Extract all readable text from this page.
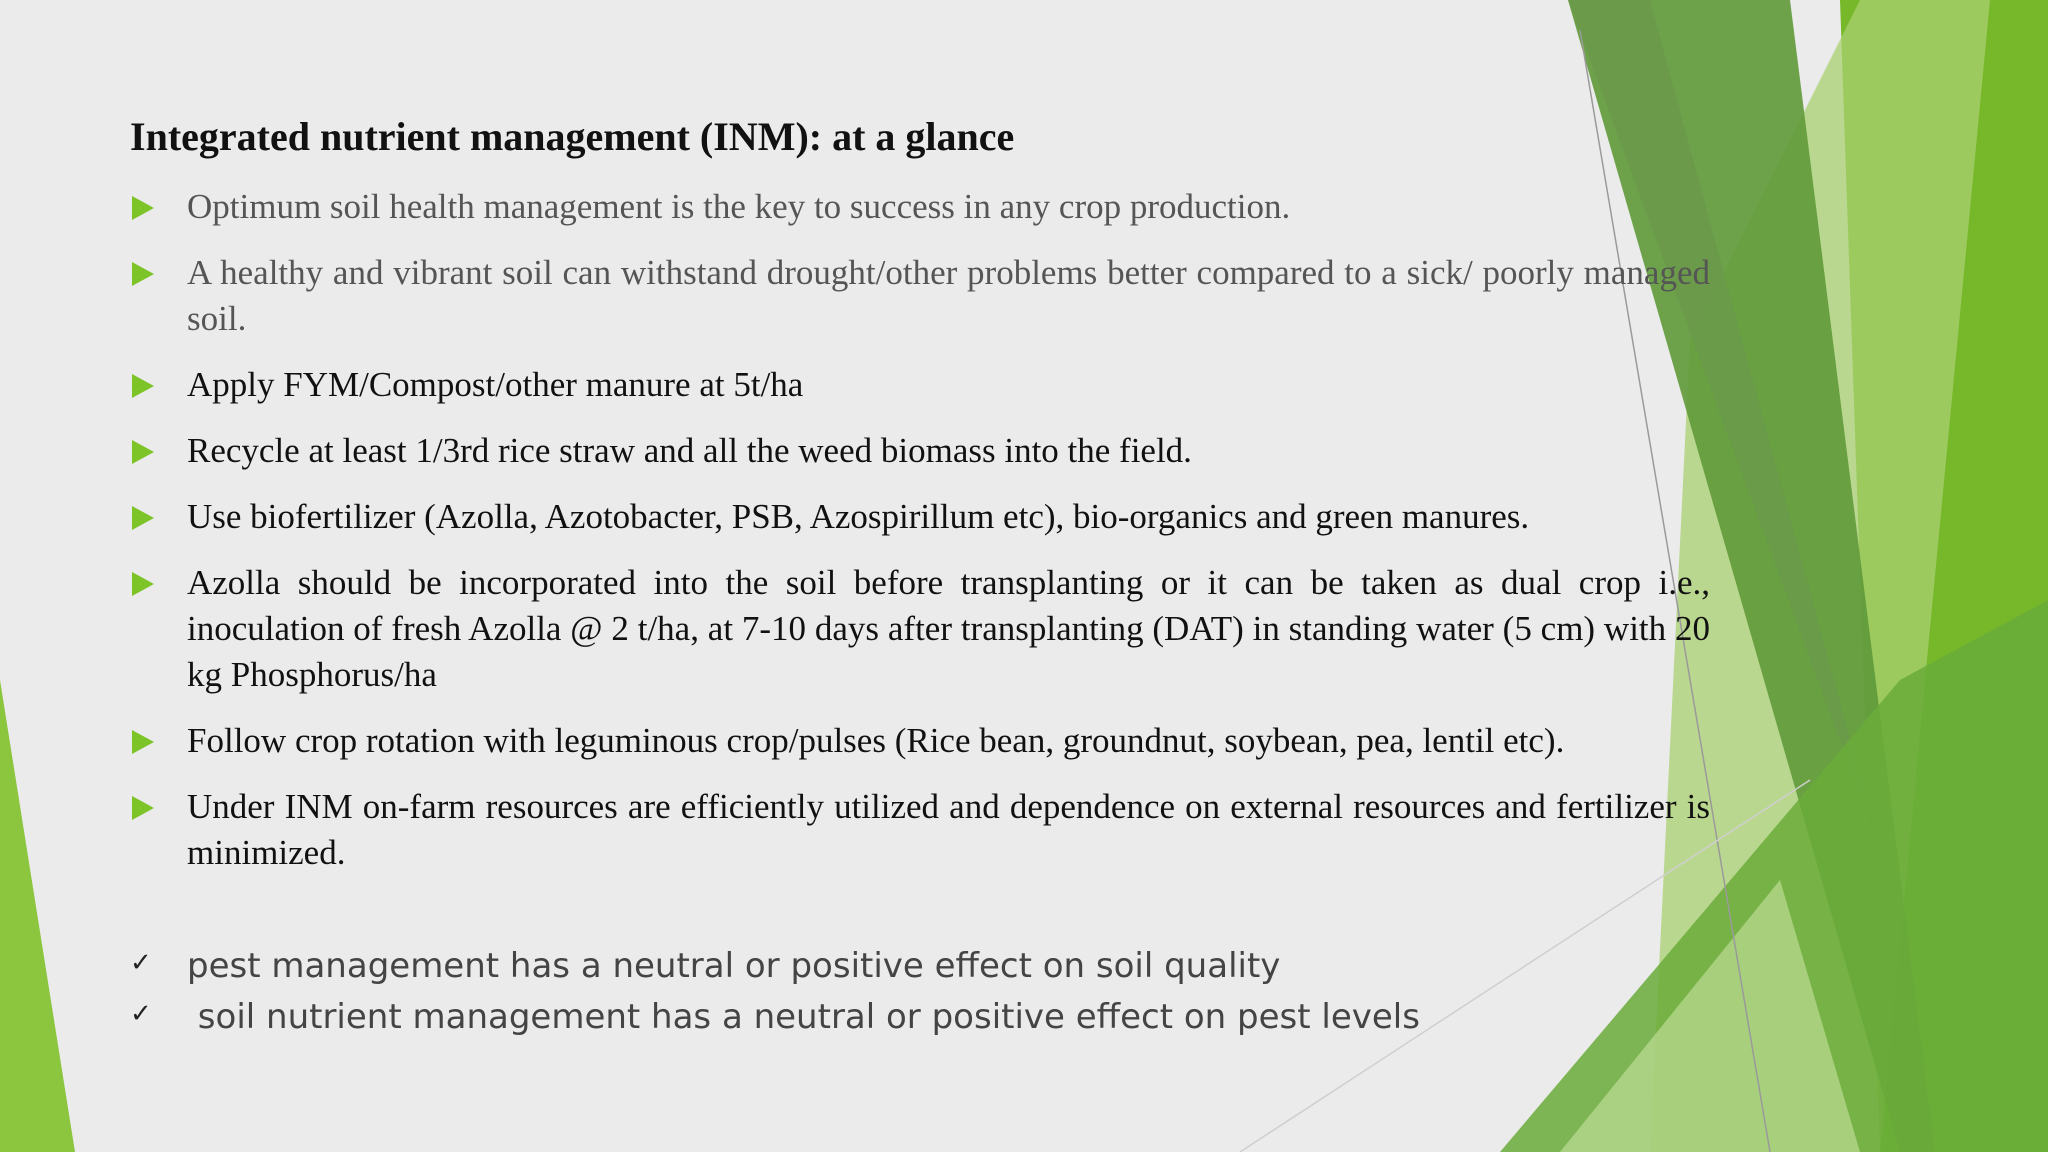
Integrated nutrient management (INM): at a glance
Optimum soil health management is the key to success in any crop production.
A healthy and vibrant soil can withstand drought/other problems better compared to a sick/ poorly managed soil.
Apply FYM/Compost/other manure at 5t/ha
Recycle at least 1/3rd rice straw and all the weed biomass into the field.
Use biofertilizer (Azolla, Azotobacter, PSB, Azospirillum etc), bio-organics and green manures.
Azolla should be incorporated into the soil before transplanting or it can be taken as dual crop i.e., inoculation of fresh Azolla @ 2 t/ha, at 7-10 days after transplanting (DAT) in standing water (5 cm) with 20 kg Phosphorus/ha
Follow crop rotation with leguminous crop/pulses (Rice bean, groundnut, soybean, pea, lentil etc).
Under INM on-farm resources are efficiently utilized and dependence on external resources and fertilizer is minimized.
✓ pest management has a neutral or positive effect on soil quality
✓ soil nutrient management has a neutral or positive effect on pest levels
